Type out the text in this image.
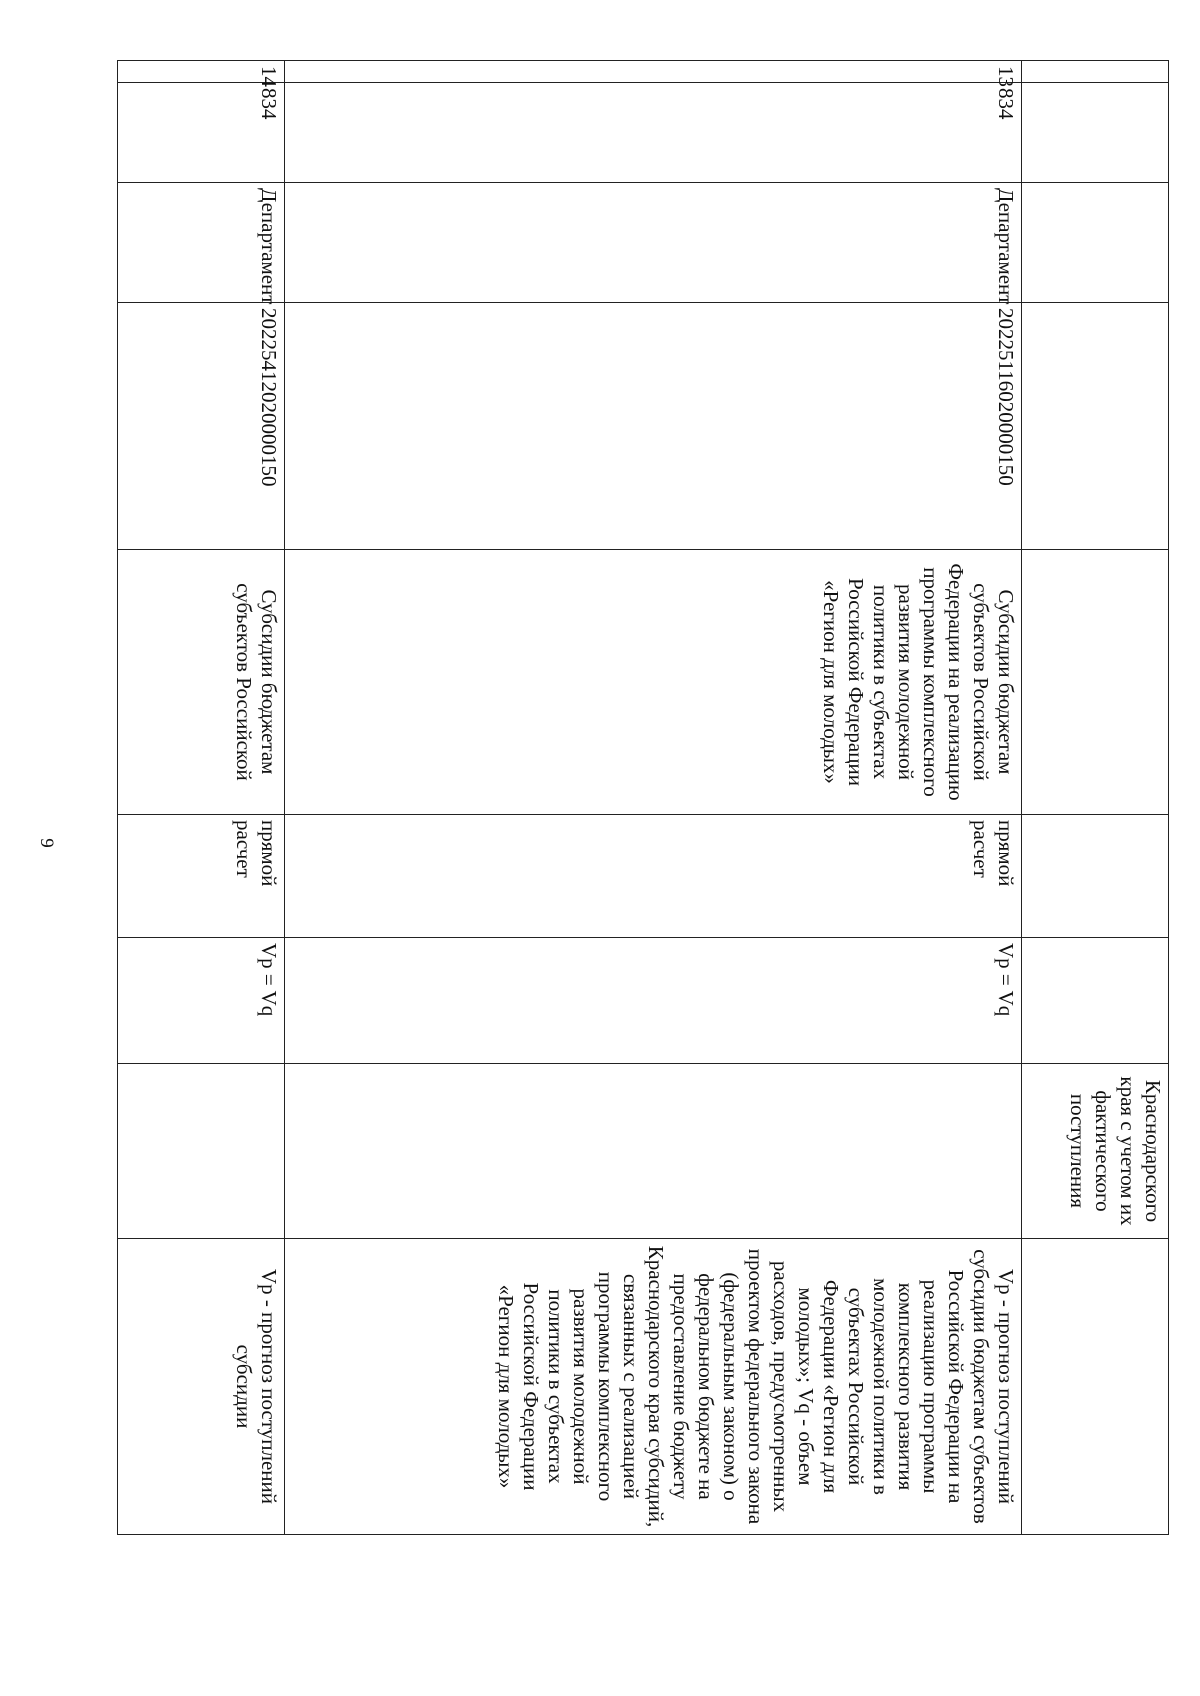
9
							Краснодарского края с учетом их фактического поступления	
13	834	Департамент	20225116020000150	Субсидии бюджетам субъектов Российской Федерации на реализацию программы комплексного развития молодежной политики в субъектах Российской Федерации «Регион для молодых»	прямой расчет	Vp = Vq		Vp - прогноз поступлений субсидии бюджетам субъектов Российской Федерации на реализацию программы комплексного развития молодежной политики в субъектах Российской Федерации «Регион для молодых»; Vq - объем расходов, предусмотренных проектом федерального закона (федеральным законом) о федеральном бюджете на предоставление бюджету Краснодарского края субсидий, связанных с реализацией программы комплексного развития молодежной политики в субъектах Российской Федерации «Регион для молодых»
14	834	Департамент	20225412020000150	Субсидии бюджетам субъектов Российской	прямой расчет	Vp = Vq		Vp - прогноз поступлений субсидии
